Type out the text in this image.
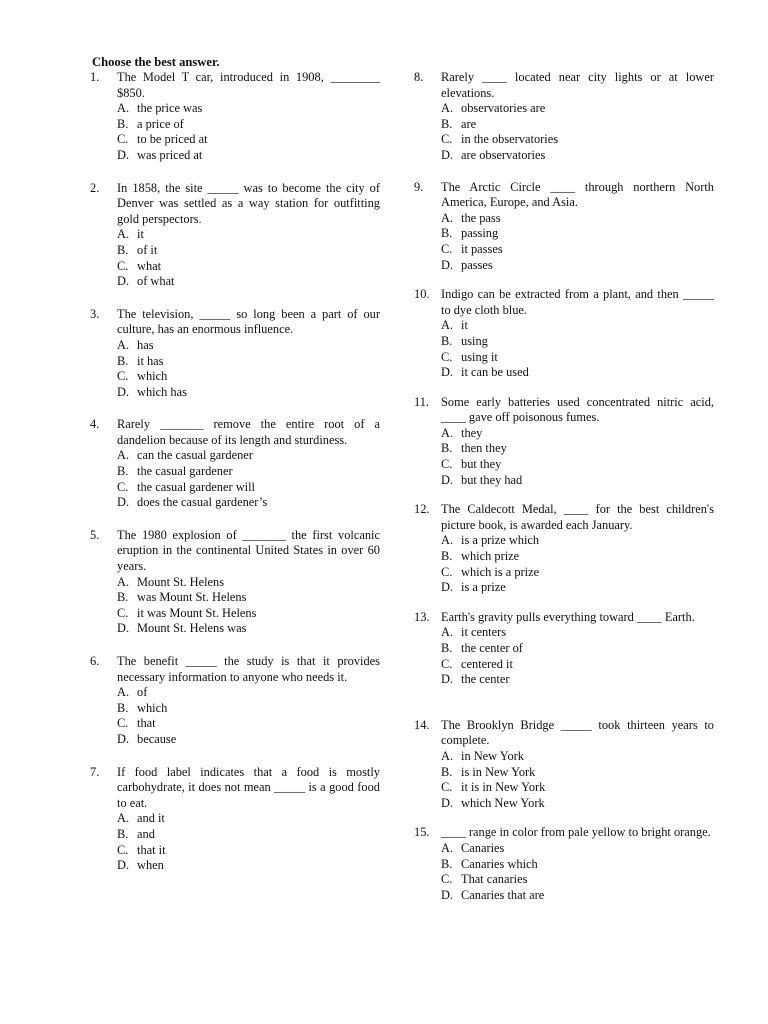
Choose the best answer.
1. The Model T car, introduced in 1908, ________ $850.
A. the price was
B. a price of
C. to be priced at
D. was priced at
2. In 1858, the site _____ was to become the city of Denver was settled as a way station for outfitting gold perspectors.
A. it
B. of it
C. what
D. of what
3. The television, _____ so long been a part of our culture, has an enormous influence.
A. has
B. it has
C. which
D. which has
4. Rarely _______ remove the entire root of a dandelion because of its length and sturdiness.
A. can the casual gardener
B. the casual gardener
C. the casual gardener will
D. does the casual gardener’s
5. The 1980 explosion of _______ the first volcanic eruption in the continental United States in over 60 years.
A. Mount St. Helens
B. was Mount St. Helens
C. it was Mount St. Helens
D. Mount St. Helens was
6. The benefit _____ the study is that it provides necessary information to anyone who needs it.
A. of
B. which
C. that
D. because
7. If food label indicates that a food is mostly carbohydrate, it does not mean _____ is a good food to eat.
A. and it
B. and
C. that it
D. when
8. Rarely ____ located near city lights or at lower elevations.
A. observatories are
B. are
C. in the observatories
D. are observatories
9. The Arctic Circle ____ through northern North America, Europe, and Asia.
A. the pass
B. passing
C. it passes
D. passes
10. Indigo can be extracted from a plant, and then _____ to dye cloth blue.
A. it
B. using
C. using it
D. it can be used
11. Some early batteries used concentrated nitric acid, ____ gave off poisonous fumes.
A. they
B. then they
C. but they
D. but they had
12. The Caldecott Medal, ____ for the best children's picture book, is awarded each January.
A. is a prize which
B. which prize
C. which is a prize
D. is a prize
13. Earth's gravity pulls everything toward ____ Earth.
A. it centers
B. the center of
C. centered it
D. the center
14. The Brooklyn Bridge _____ took thirteen years to complete.
A. in New York
B. is in New York
C. it is in New York
D. which New York
15. ____ range in color from pale yellow to bright orange.
A. Canaries
B. Canaries which
C. That canaries
D. Canaries that are
